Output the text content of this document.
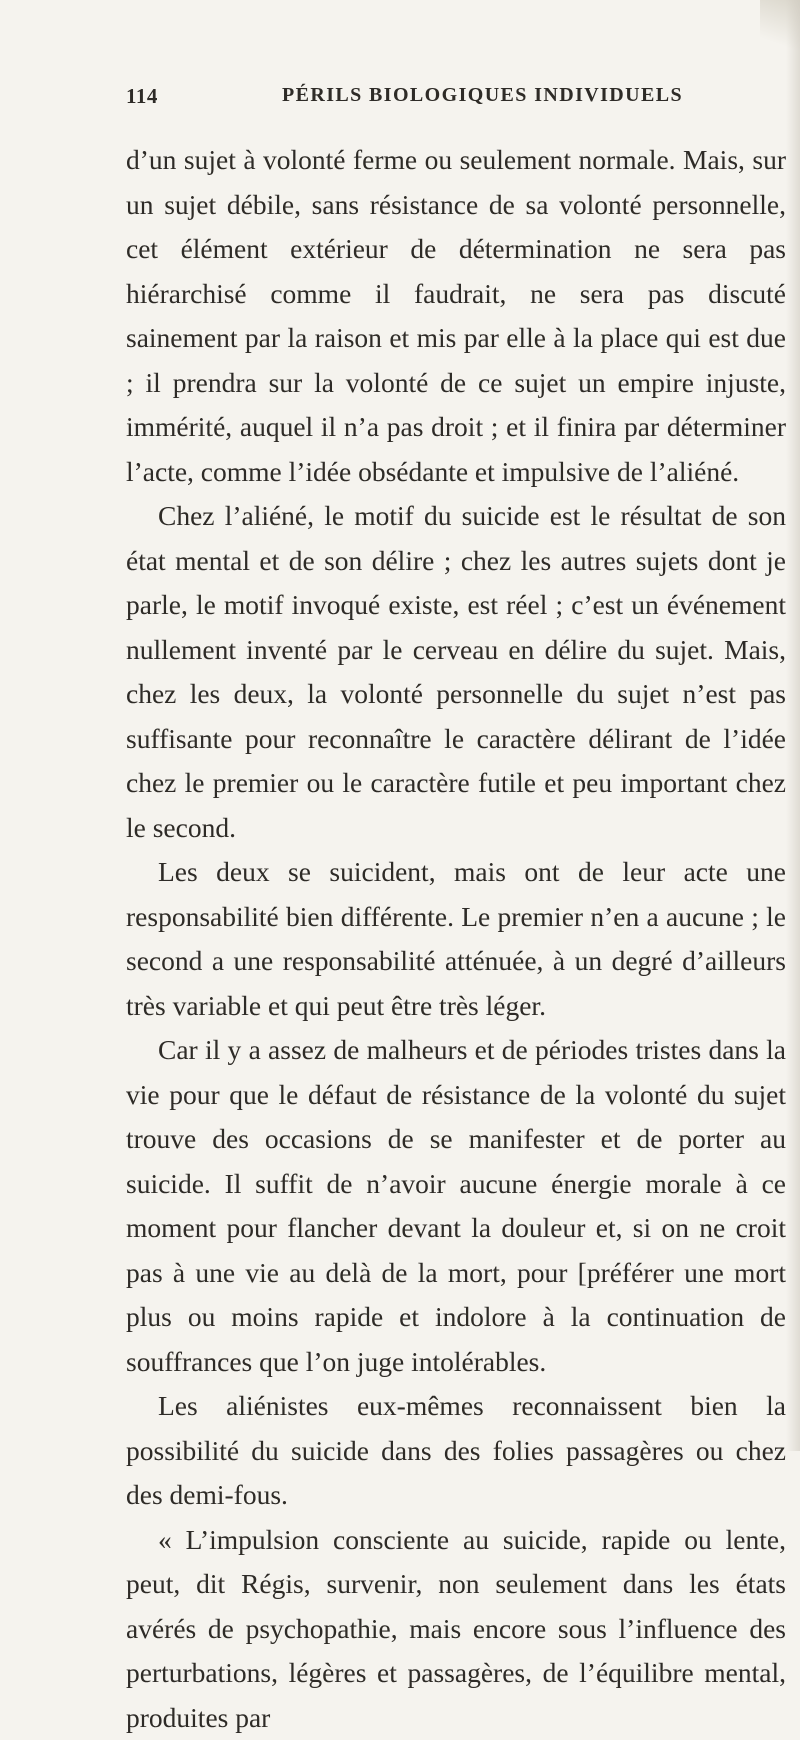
114	PÉRILS BIOLOGIQUES INDIVIDUELS

d’un sujet à volonté ferme ou seulement normale. Mais, sur un sujet débile, sans résistance de sa volonté personnelle, cet élément extérieur de détermination ne sera pas hiérarchisé comme il faudrait, ne sera pas discuté sainement par la raison et mis par elle à la place qui est due ; il prendra sur la volonté de ce sujet un empire injuste, immérité, auquel il n’a pas droit ; et il finira par déterminer l’acte, comme l’idée obsédante et impulsive de l’aliéné.

Chez l’aliéné, le motif du suicide est le résultat de son état mental et de son délire ; chez les autres sujets dont je parle, le motif invoqué existe, est réel ; c’est un événement nullement inventé par le cerveau en délire du sujet. Mais, chez les deux, la volonté personnelle du sujet n’est pas suffisante pour reconnaître le caractère délirant de l’idée chez le premier ou le caractère futile et peu important chez le second.

Les deux se suicident, mais ont de leur acte une responsabilité bien différente. Le premier n’en a aucune ; le second a une responsabilité atténuée, à un degré d’ailleurs très variable et qui peut être très léger.

Car il y a assez de malheurs et de périodes tristes dans la vie pour que le défaut de résistance de la volonté du sujet trouve des occasions de se manifester et de porter au suicide. Il suffit de n’avoir aucune énergie morale à ce moment pour flancher devant la douleur et, si on ne croit pas à une vie au delà de la mort, pour [préférer une mort plus ou moins rapide et indolore à la continuation de souffrances que l’on juge intolérables.

Les aliénistes eux-mêmes reconnaissent bien la possibilité du suicide dans des folies passagères ou chez des demi-fous.

« L’impulsion consciente au suicide, rapide ou lente, peut, dit Régis, survenir, non seulement dans les états avérés de psychopathie, mais encore sous l’influence des perturbations, légères et passagères, de l’équilibre mental, produites par
